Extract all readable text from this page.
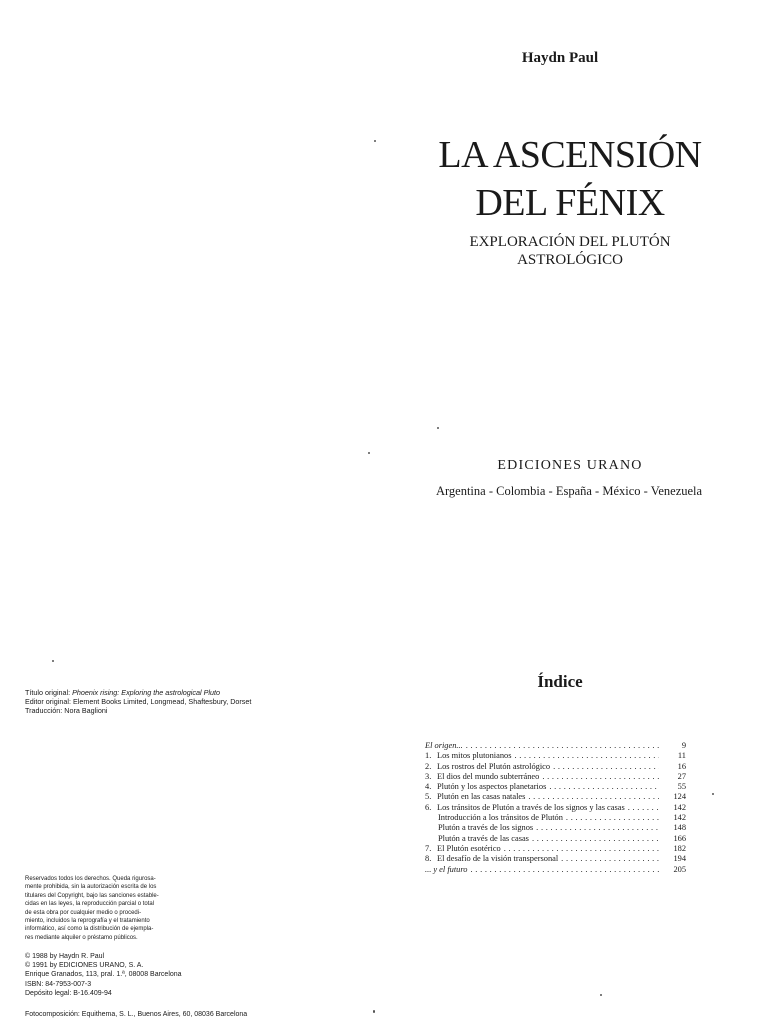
Haydn Paul
LA ASCENSIÓN
DEL FÉNIX
EXPLORACIÓN DEL PLUTÓN
ASTROLÓGICO
EDICIONES URANO
Argentina - Colombia - España - México - Venezuela
Título original: Phoenix rising: Exploring the astrological Pluto
Editor original: Element Books Limited, Longmead, Shaftesbury, Dorset
Traducción: Nora Baglioni
Reservados todos los derechos. Queda rigurosa-
mente prohibida, sin la autorización escrita de los
titulares del Copyright, bajo las sanciones estable-
cidas en las leyes, la reproducción parcial o total
de esta obra por cualquier medio o procedi-
miento, incluidos la reprografía y el tratamiento
informático, así como la distribución de ejempla-
res mediante alquiler o préstamo públicos.
© 1988 by Haydn R. Paul
© 1991 by EDICIONES URANO, S. A.
Enrique Granados, 113, pral. 1.ª, 08008 Barcelona
ISBN: 84-7953-007-3
Depósito legal: B-16.409-94
Fotocomposición: Equithema, S. L., Buenos Aires, 60, 08036 Barcelona
Índice
El origen... . . .	9
1. Los mitos plutonianos . . .	11
2. Los rostros del Plutón astrológico . . .	16
3. El dios del mundo subterráneo . . .	27
4. Plutón y los aspectos planetarios . . .	55
5. Plutón en las casas natales . . .	124
6. Los tránsitos de Plutón a través de los signos y las casas . . .	142
Introducción a los tránsitos de Plutón . . .	142
Plutón a través de los signos . . .	148
Plutón a través de las casas . . .	166
7. El Plutón esotérico . . .	182
8. El desafío de la visión transpersonal . . .	194
... y el futuro . . .	205
